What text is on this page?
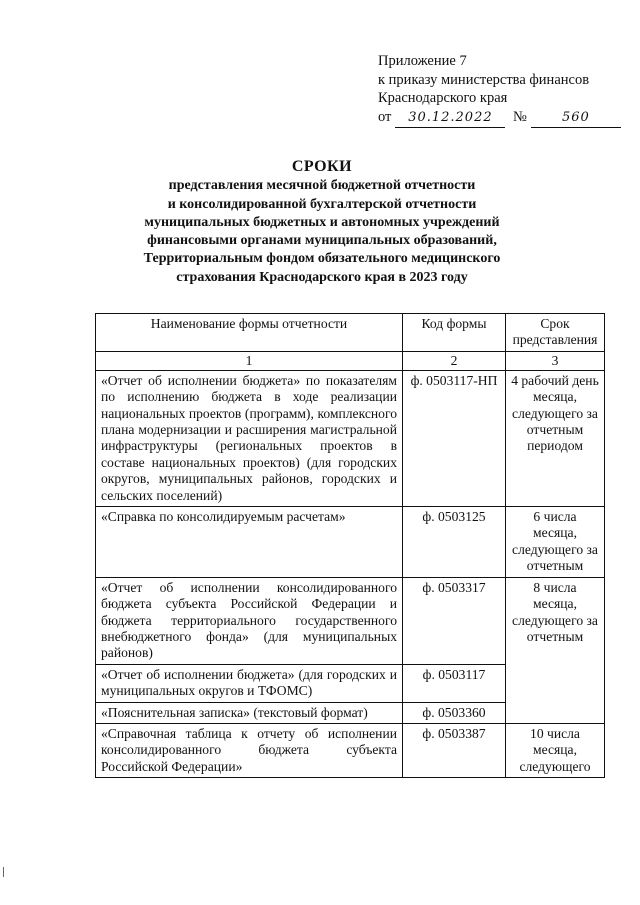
Приложение 7
к приказу министерства финансов
Краснодарского края
от 30.12.2022 №	560
СРОКИ
представления месячной бюджетной отчетности
и консолидированной бухгалтерской отчетности
муниципальных бюджетных и автономных учреждений
финансовыми органами муниципальных образований,
Территориальным фондом обязательного медицинского
страхования Краснодарского края в 2023 году
Наименование формы отчетности	Код формы	Срок представления
1	2	3
«Отчет об исполнении бюджета» по показателям по исполнению бюджета в ходе реализации национальных проектов (программ), комплексного плана модернизации и расширения магистральной инфраструктуры (региональных проектов в составе национальных проектов) (для городских округов, муниципальных районов, городских и сельских поселений)	ф. 0503117-НП	4 рабочий день месяца, следующего за отчетным периодом
«Справка по консолидируемым расчетам»	ф. 0503125	6 числа месяца, следующего за отчетным
«Отчет об исполнении консолидированного бюджета субъекта Российской Федерации и бюджета территориального государственного внебюджетного фонда» (для муниципальных районов)	ф. 0503317	8 числа месяца, следующего за отчетным
«Отчет об исполнении бюджета» (для городских и муниципальных округов и ТФОМС)	ф. 0503117	
«Пояснительная записка» (текстовый формат)	ф. 0503360	
«Справочная таблица к отчету об исполнении консолидированного бюджета субъекта Российской Федерации»	ф. 0503387	10 числа месяца, следующего
